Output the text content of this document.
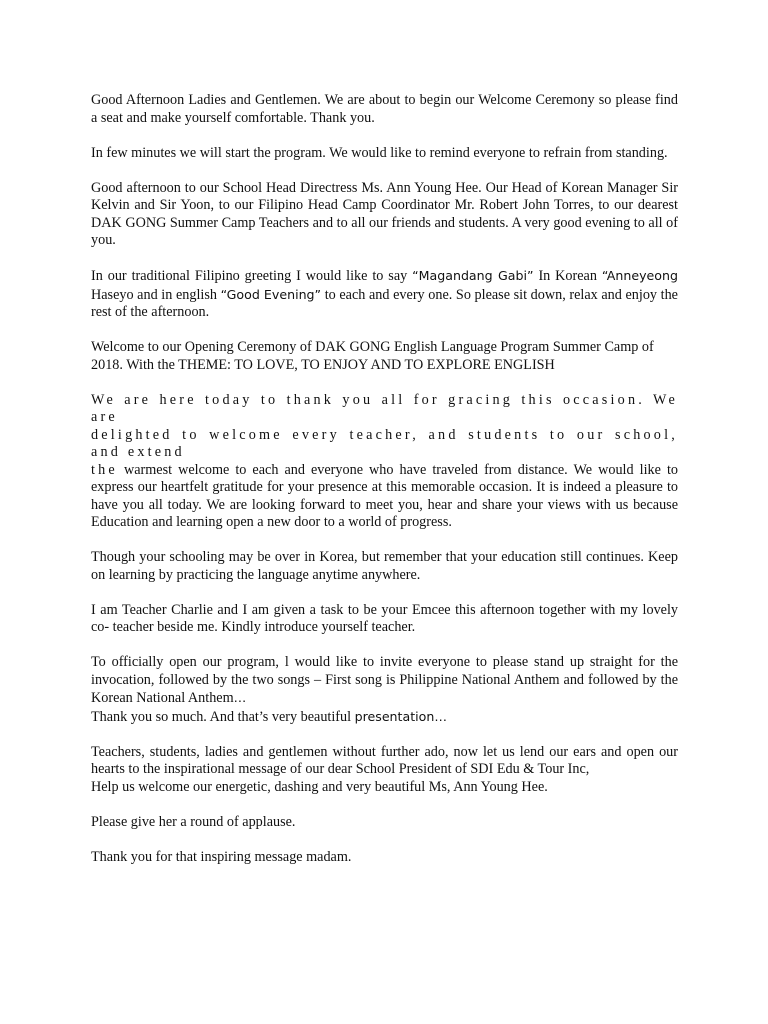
Good Afternoon Ladies and Gentlemen. We are about to begin our Welcome Ceremony so please find a seat and make yourself comfortable. Thank you.

In few minutes we will start the program. We would like to remind everyone to refrain from standing.

Good afternoon to our School Head Directress Ms. Ann Young Hee. Our Head of Korean Manager Sir Kelvin and Sir Yoon, to our Filipino Head Camp Coordinator Mr. Robert John Torres, to our dearest DAK GONG Summer Camp Teachers and to all our friends and students. A very good evening to all of you.

In our traditional Filipino greeting I would like to say “Magandang Gabi” In Korean “Anneyeong Haseyo and in english “Good Evening” to each and every one. So please sit down, relax and enjoy the rest of the afternoon.

Welcome to our Opening Ceremony of DAK GONG English Language Program Summer Camp of 2018. With the THEME: TO LOVE, TO ENJOY AND TO EXPLORE ENGLISH

We are here today to thank you all for gracing this occasion. We are
delighted to welcome every teacher, and students to our school, and extend
the warmest welcome to each and everyone who have traveled from distance. We would like to express our heartfelt gratitude for your presence at this memorable occasion. It is indeed a pleasure to have you all today. We are looking forward to meet you, hear and share your views with us because Education and learning open a new door to a world of progress.

Though your schooling may be over in Korea, but remember that your education still continues. Keep on learning by practicing the language anytime anywhere.

I am Teacher Charlie and I am given a task to be your Emcee this afternoon together with my lovely co- teacher beside me. Kindly introduce yourself teacher.

To officially open our program, l would like to invite everyone to please stand up straight for the invocation, followed by the two songs – First song is Philippine National Anthem and followed by the Korean National Anthem…
Thank you so much. And that’s very beautiful presentation…

Teachers, students, ladies and gentlemen without further ado, now let us lend our ears and open our hearts to the inspirational message of our dear School President of SDI Edu & Tour Inc,
Help us welcome our energetic, dashing and very beautiful Ms, Ann Young Hee.

Please give her a round of applause.

Thank you for that inspiring message madam.
